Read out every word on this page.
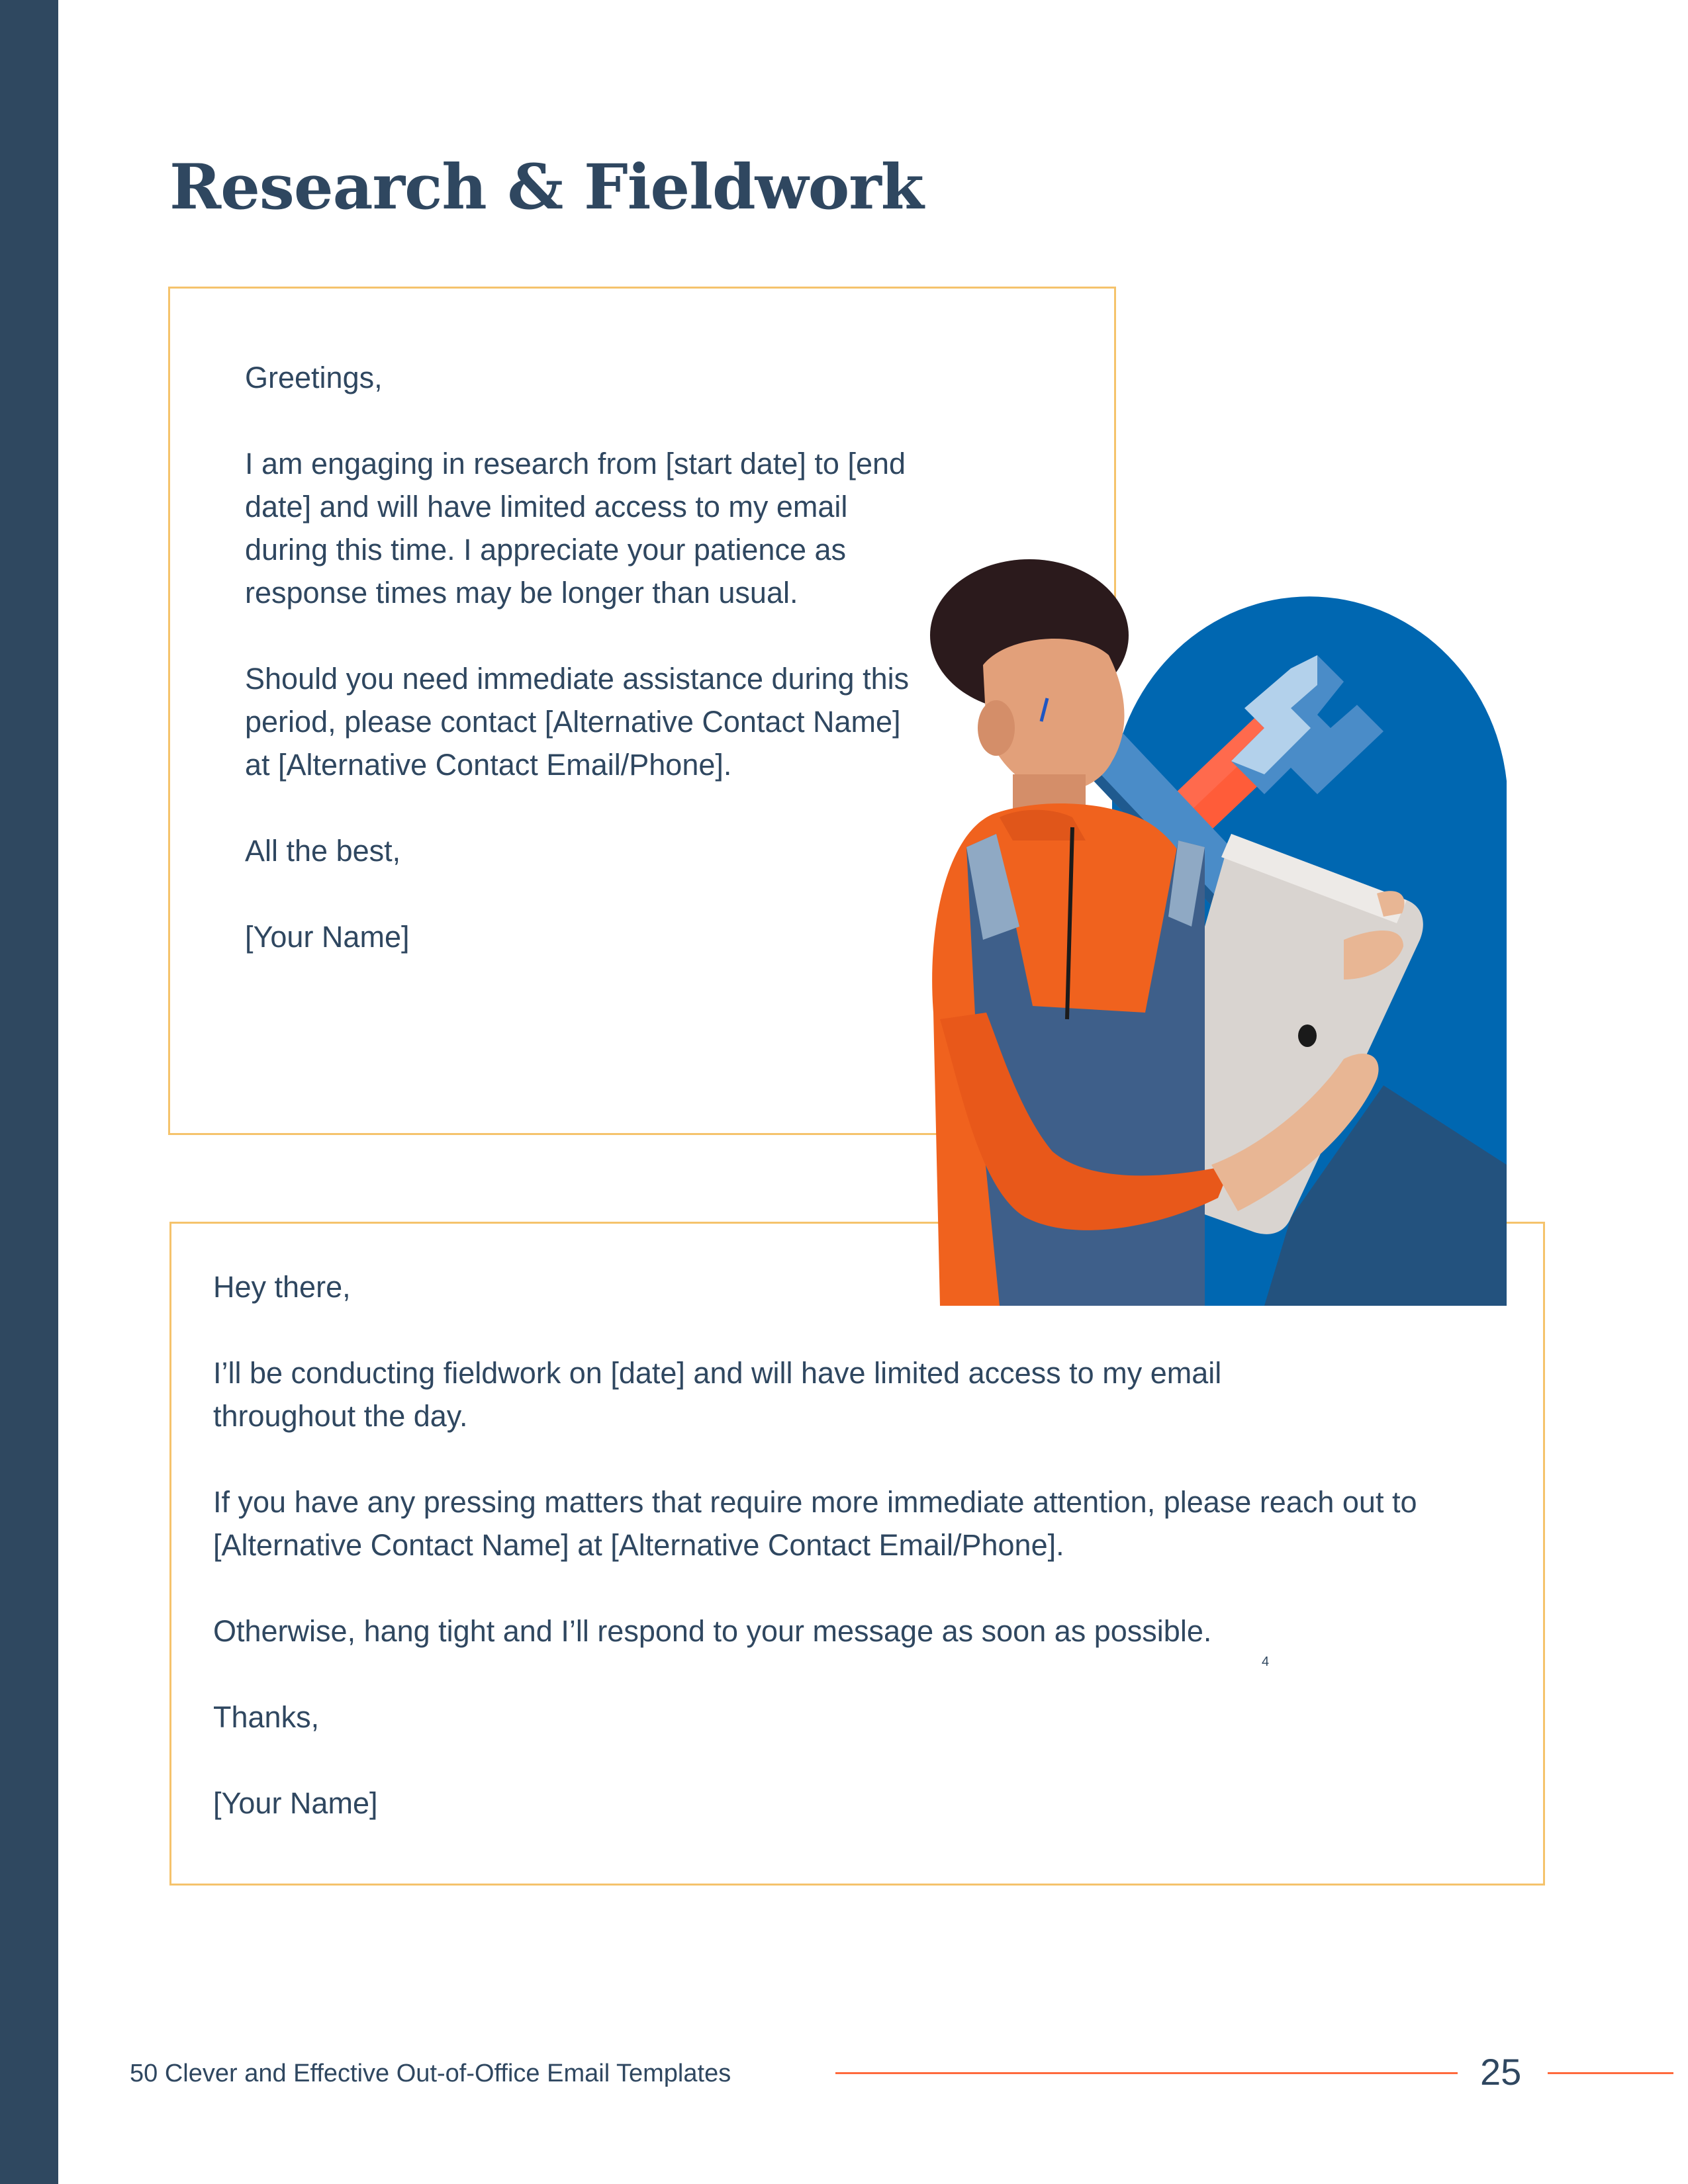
Research & Fieldwork

Greetings,

I am engaging in research from [start date] to [end date] and will have limited access to my email during this time. I appreciate your patience as response times may be longer than usual.

Should you need immediate assistance during this period, please contact [Alternative Contact Name] at [Alternative Contact Email/Phone].

All the best,

[Your Name]

Hey there,

I’ll be conducting fieldwork on [date] and will have limited access to my email throughout the day.

If you have any pressing matters that require more immediate attention, please reach out to [Alternative Contact Name] at [Alternative Contact Email/Phone].

Otherwise, hang tight and I’ll respond to your message as soon as possible.

Thanks,

[Your Name]

4
50 Clever and Effective Out-of-Office Email Templates	25
